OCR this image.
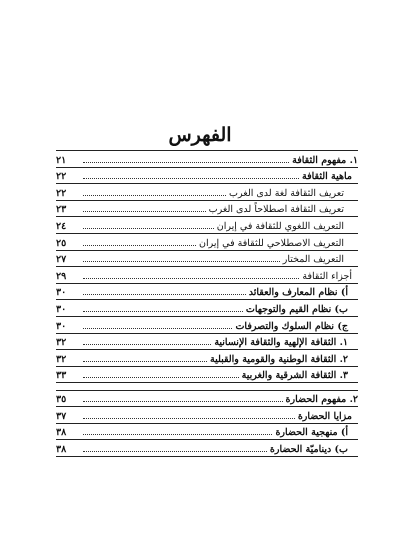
الفهرس
١. مفهوم الثقافة
٢١
ماهية الثقافة
٢٢
تعريف الثقافة لغة لدى الغرب
٢٢
تعريف الثقافة اصطلاحاً لدى الغرب
٢٣
التعريف اللغوي للثقافة في إيران
٢٤
التعريف الاصطلاحي للثقافة في إيران
٢٥
التعريف المختار
٢٧
أجزاء الثقافة
٢٩
أ) نظام المعارف والعقائد
٣٠
ب) نظام القيم والتوجهات
٣٠
ج) نظام السلوك والتصرفات
٣٠
١. الثقافة الإلهية والثقافة الإنسانية
٣٢
٢. الثقافة الوطنية والقومية والقبلية
٣٢
٣. الثقافة الشرقية والغربية
٣٣
٢. مفهوم الحضارة
٣٥
مزايا الحضارة
٣٧
أ) منهجية الحضارة
٣٨
ب) ديناميّة الحضارة
٣٨
